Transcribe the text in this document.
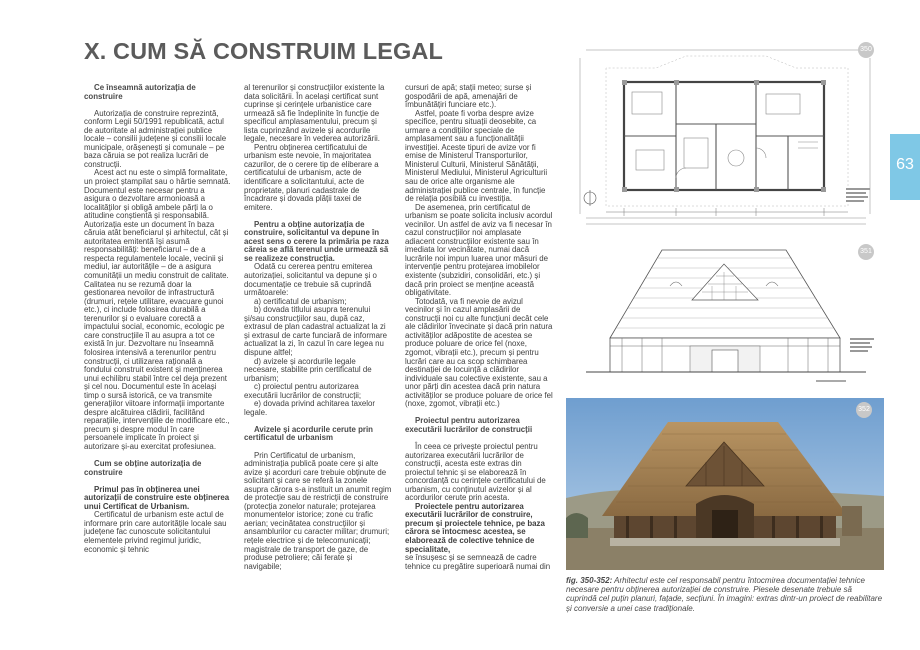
X. CUM SĂ CONSTRUIM LEGAL

Ce înseamnă autorizația de construire

Autorizația de construire reprezintă, conform Legii 50/1991 republicată, actul de autoritate al administrației publice locale – consilii județene și consilii locale municipale, orășenești și comunale – pe baza căruia se pot realiza lucrări de construcții.

Acest act nu este o simplă formalitate, un proiect ștampilat sau o hârtie semnată. Documentul este necesar pentru a asigura o dezvoltare armonioasă a localităților și obligă ambele părți la o atitudine conștientă și responsabilă. Autorizația este un document în baza căruia atât beneficiarul și arhitectul, cât și autoritatea emitentă își asumă responsabilități: beneficiarul – de a respecta regulamentele locale, vecinii și mediul, iar autoritățile – de a asigura comunității un mediu construit de calitate. Calitatea nu se rezumă doar la gestionarea nevoilor de infrastructură (drumuri, rețele utilitare, evacuare gunoi etc.), ci include folosirea durabilă a terenurilor și o evaluare corectă a impactului social, economic, ecologic pe care construcțiile îl au asupra a tot ce există în jur. Dezvoltare nu înseamnă folosirea intensivă a terenurilor pentru construcții, ci utilizarea rațională a fondului construit existent și menținerea unui echilibru stabil între cel deja prezent și cel nou. Documentul este în același timp o sursă istorică, ce va transmite generațiilor viitoare informații importante despre alcătuirea clădirii, facilitând reparațiile, intervențiile de modificare etc., precum și despre modul în care persoanele implicate în proiect și autorizare și-au exercitat profesiunea.

Cum se obține autorizația de construire

Primul pas în obținerea unei autorizații de construire este obținerea unui Certificat de Urbanism.

Certificatul de urbanism este actul de informare prin care autoritățile locale sau județene fac cunoscute solicitantului elementele privind regimul juridic, economic și tehnic

al terenurilor și construcțiilor existente la data solicitării. În același certificat sunt cuprinse și cerințele urbanistice care urmează să fie îndeplinite în funcție de specificul amplasamentului, precum și lista cuprinzând avizele și acordurile legale, necesare în vederea autorizării.

Pentru obținerea certificatului de urbanism este nevoie, în majoritatea cazurilor, de o cerere tip de eliberare a certificatului de urbanism, acte de identificare a solicitantului, acte de proprietate, planuri cadastrale de încadrare și dovada plății taxei de emitere.

Pentru a obține autorizația de construire, solicitantul va depune în acest sens o cerere la primăria pe raza căreia se află terenul unde urmează să se realizeze construcția.

Odată cu cererea pentru emiterea autorizației, solicitantul va depune și o documentație ce trebuie să cuprindă următoarele:

a) certificatul de urbanism;

b) dovada titlului asupra terenului și/sau construcțiilor sau, după caz, extrasul de plan cadastral actualizat la zi și extrasul de carte funciară de informare actualizat la zi, în cazul în care legea nu dispune altfel;

d) avizele și acordurile legale necesare, stabilite prin certificatul de urbanism;

c) proiectul pentru autorizarea executării lucrărilor de construcții;

e) dovada privind achitarea taxelor legale.

Avizele și acordurile cerute prin certificatul de urbanism

Prin Certificatul de urbanism, administrația publică poate cere și alte avize și acorduri care trebuie obținute de solicitant și care se referă la zonele asupra cărora s-a instituit un anumit regim de protecție sau de restricții de construire (protecția zonelor naturale; protejarea monumentelor istorice; zone cu trafic aerian; vecinătatea construcțiilor și ansamblurilor cu caracter militar; drumuri; rețele electrice și de telecomunicații; magistrale de transport de gaze, de produse petroliere; căi ferate și navigabile;

cursuri de apă; stații meteo; surse și gospodării de apă, amenajări de îmbunătățiri funciare etc.).

Astfel, poate fi vorba despre avize specifice, pentru situații deosebite, ca urmare a condițiilor speciale de amplasament sau a funcționalității investiției. Aceste tipuri de avize vor fi emise de Ministerul Transporturilor, Ministerul Culturii, Ministerul Sănătății, Ministerul Mediului, Ministerul Agriculturii sau de orice alte organisme ale administrației publice centrale, în funcție de relația posibilă cu investiția.

De asemenea, prin certificatul de urbanism se poate solicita inclusiv acordul vecinilor. Un astfel de aviz va fi necesar în cazul construcțiilor noi amplasate adiacent construcțiilor existente sau în imediata lor vecinătate, numai dacă lucrările noi impun luarea unor măsuri de intervenție pentru protejarea imobilelor existente (subzidiri, consolidări, etc.) și dacă prin proiect se menține această obligativitate.

Totodată, va fi nevoie de avizul vecinilor și în cazul amplasării de construcții noi cu alte funcțiuni decât cele ale clădirilor învecinate și dacă prin natura activităților adăpostite de acestea se produce poluare de orice fel (noxe, zgomot, vibrații etc.), precum și pentru lucrări care au ca scop schimbarea destinației de locuință a clădirilor individuale sau colective existente, sau a unor părți din acestea dacă prin natura activităților se produce poluare de orice fel (noxe, zgomot, vibrații etc.)

Proiectul pentru autorizarea executării lucrărilor de construcții

În ceea ce privește proiectul pentru autorizarea executării lucrărilor de construcții, acesta este extras din proiectul tehnic și se elaborează în concordanță cu cerințele certificatului de urbanism, cu conținutul avizelor și al acordurilor cerute prin acesta.

Proiectele pentru autorizarea executării lucrărilor de construire, precum și proiectele tehnice, pe baza cărora se întocmesc acestea, se elaborează de colective tehnice de specialitate,

se însușesc și se semnează de cadre tehnice cu pregătire superioară numai din

63
350
351
352
fig. 350-352: Arhitectul este cel responsabil pentru întocmirea documentației tehnice necesare pentru obținerea autorizației de construire. Piesele desenate trebuie să cuprindă cel puțin planuri, fațade, secțiuni. În imagini: extras dintr-un proiect de reabilitare și conversie a unei case tradiționale.
